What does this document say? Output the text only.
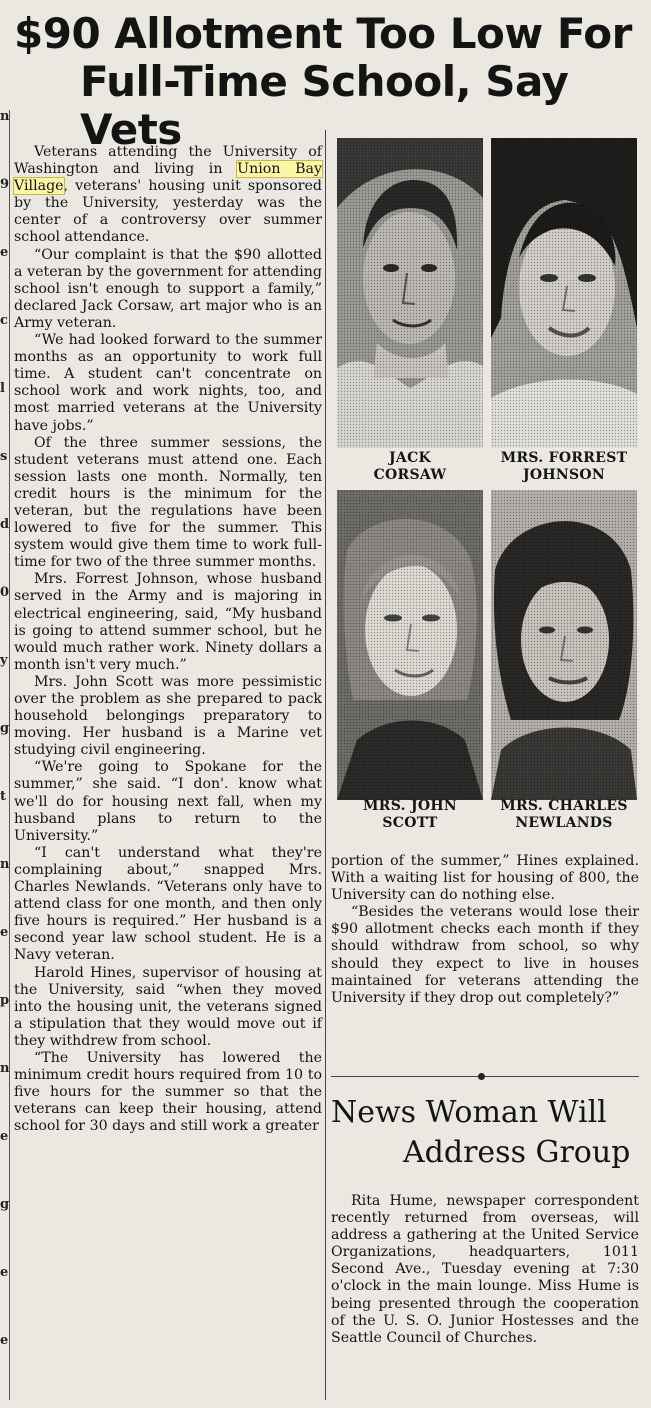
n
9
e
c
l
s
d
0
y
g
t
n
e
p
n
e
g
e
e
$90 Allotment Too Low For
Full-Time School, Say Vets

Veterans attending the University of Washington and living in Union Bay Village, veterans' housing unit sponsored by the University, yesterday was the center of a controversy over summer school attendance.

“Our complaint is that the $90 allotted a veteran by the government for attending school isn't enough to support a family,” declared Jack Corsaw, art major who is an Army veteran.

“We had looked forward to the summer months as an opportunity to work full time. A student can't concentrate on school work and work nights, too, and most married veterans at the University have jobs.”

Of the three summer sessions, the student veterans must attend one. Each session lasts one month. Normally, ten credit hours is the minimum for the veteran, but the regulations have been lowered to five for the summer. This system would give them time to work full-time for two of the three summer months.

Mrs. Forrest Johnson, whose husband served in the Army and is majoring in electrical engineering, said, “My husband is going to attend summer school, but he would much rather work. Ninety dollars a month isn't very much.”

Mrs. John Scott was more pessimistic over the problem as she prepared to pack household belongings preparatory to moving. Her husband is a Marine vet studying civil engineering.

“We're going to Spokane for the summer,” she said. “I don'. know what we'll do for housing next fall, when my husband plans to return to the University.”

“I can't understand what they're complaining about,” snapped Mrs. Charles Newlands. “Veterans only have to attend class for one month, and then only five hours is required.” Her husband is a second year law school student. He is a Navy veteran.

Harold Hines, supervisor of housing at the University, said “when they moved into the housing unit, the veterans signed a stipulation that they would move out if they withdrew from school.

“The University has lowered the minimum credit hours required from 10 to five hours for the summer so that the veterans can keep their housing, attend school for 30 days and still work a greater

JACK
CORSAW
MRS. FORREST
JOHNSON
MRS. JOHN
SCOTT
MRS. CHARLES
NEWLANDS

portion of the summer,” Hines explained. With a waiting list for housing of 800, the University can do nothing else.

“Besides the veterans would lose their $90 allotment checks each month if they should withdraw from school, so why should they expect to live in houses maintained for veterans attending the University if they drop out completely?”

News Woman Will
Address Group

Rita Hume, newspaper correspondent recently returned from overseas, will address a gathering at the United Service Organizations, headquarters, 1011 Second Ave., Tuesday evening at 7:30 o'clock in the main lounge. Miss Hume is being presented through the cooperation of the U. S. O. Junior Hostesses and the Seattle Council of Churches.
